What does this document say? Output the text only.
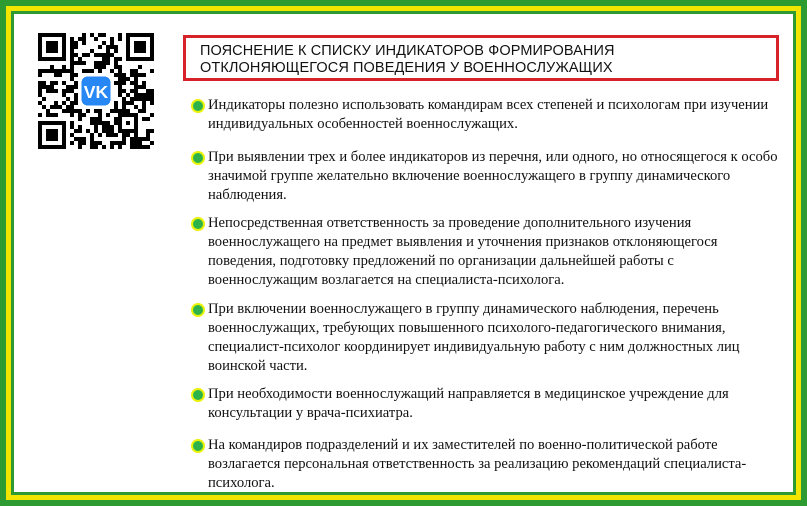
VK
ПОЯСНЕНИЕ К СПИСКУ ИНДИКАТОРОВ ФОРМИРОВАНИЯ ОТКЛОНЯЮЩЕГОСЯ ПОВЕДЕНИЯ У ВОЕННОСЛУЖАЩИХ
Индикаторы полезно использовать командирам всех степеней и психологам при изучении индивидуальных особенностей военнослужащих.
При выявлении трех и более индикаторов из перечня, или одного, но относящегося к особо значимой группе желательно включение военнослужащего в группу динамического наблюдения.
Непосредственная ответственность за проведение дополнительного изучения военнослужащего на предмет выявления и уточнения признаков отклоняющегося поведения, подготовку предложений по организации дальнейшей работы с военнослужащим возлагается на специалиста-психолога.
При включении военнослужащего в группу динамического наблюдения, перечень военнослужащих, требующих повышенного психолого-педагогического внимания, специалист-психолог координирует индивидуальную работу с ним должностных лиц воинской части.
При необходимости военнослужащий направляется в медицинское учреждение для консультации у врача-психиатра.
На командиров подразделений и их заместителей по военно-политической работе возлагается персональная ответственность за реализацию рекомендаций специалиста-психолога.
